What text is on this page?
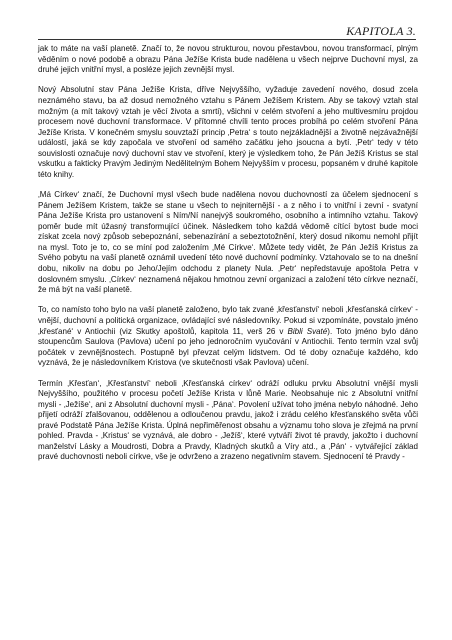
KAPITOLA 3.

jak to máte na vaší planetě. Značí to, že novou strukturou, novou přestavbou, novou transformací, plným věděním o nové podobě a obrazu Pána Ježíše Krista bude nadělena u všech nejprve Duchovní mysl, za druhé jejich vnitřní mysl, a posléze jejich zevnější mysl.

Nový Absolutní stav Pána Ježíše Krista, dříve Nejvyššího, vyžaduje zavedení nového, dosud zcela neznámého stavu, ba až dosud nemožného vztahu s Pánem Ježíšem Kristem. Aby se takový vztah stal možným (a mít takový vztah je věcí života a smrti), všichni v celém stvoření a jeho multivesmíru projdou procesem nové duchovní transformace. V přítomné chvíli tento proces probíhá po celém stvoření Pána Ježíše Krista. V konečném smyslu souvztaží princip ‚Petra‘ s touto nejzákladnější a životně nejzávažnější událostí, jaká se kdy započala ve stvoření od samého začátku jeho jsoucna a bytí. ‚Petr‘ tedy v této souvislosti označuje nový duchovní stav ve stvoření, který je výsledkem toho, že Pán Ježíš Kristus se stal vskutku a fakticky Pravým Jediným Nedělitelným Bohem Nejvyšším v procesu, popsaném v druhé kapitole této knihy.

‚Má Církev‘ značí, že Duchovní mysl všech bude nadělena novou duchovností za účelem sjednocení s Pánem Ježíšem Kristem, takže se stane u všech to nejniternější - a z něho i to vnitřní i zevní - svatyní Pána Ježíše Krista pro ustanovení s Ním/Ní nanejvýš soukromého, osobního a intimního vztahu. Takový poměr bude mít úžasný transformující účinek. Následkem toho každá vědomě cítící bytost bude moci získat zcela nový způsob sebepoznání, sebenazírání a sebeztotožnění, který dosud nikomu nemohl přijít na mysl. Toto je to, co se míní pod založením ‚Mé Církve‘. Můžete tedy vidět, že Pán Ježíš Kristus za Svého pobytu na vaší planetě oznámil uvedení této nové duchovní podmínky. Vztahovalo se to na dnešní dobu, nikoliv na dobu po Jeho/Jejím odchodu z planety Nula. ‚Petr‘ nepředstavuje apoštola Petra v doslovném smyslu. ‚Církev‘ neznamená nějakou hmotnou zevní organizaci a založení této církve neznačí, že má být na vaší planetě.

To, co namísto toho bylo na vaší planetě založeno, bylo tak zvané ‚křesťanství‘ neboli ‚křesťanská církev‘ - vnější, duchovní a politická organizace, ovládající své následovníky. Pokud si vzpomínáte, povstalo jméno ‚křesťané‘ v Antiochii (viz Skutky apoštolů, kapitola 11, verš 26 v Bibli Svaté). Toto jméno bylo dáno stoupencům Saulova (Pavlova) učení po jeho jednoročním vyučování v Antiochii. Tento termín vzal svůj počátek v zevnějšnostech. Postupně byl převzat celým lidstvem. Od té doby označuje každého, kdo vyznává, že je následovníkem Kristova (ve skutečnosti však Pavlova) učení.

Termín ‚Křesťan‘, ‚Křesťanství‘ neboli ‚Křesťanská církev‘ odráží odluku prvku Absolutní vnější mysli Nejvyššího, použitého v procesu početí Ježíše Krista v lůně Marie. Neobsahuje nic z Absolutní vnitřní mysli - ‚Ježíše‘, ani z Absolutní duchovní mysli - ‚Pána‘. Povolení užívat toho jména nebylo náhodné. Jeho přijetí odráží zfalšovanou, oddělenou a odloučenou pravdu, jakož i zrádu celého křesťanského světa vůči pravé Podstatě Pána Ježíše Krista. Úplná nepřiměřenost obsahu a významu toho slova je zřejmá na první pohled. Pravda - ‚Kristus‘ se vyznává, ale dobro - ‚Ježíš‘, které vytváří život té pravdy, jakožto i duchovní manželství Lásky a Moudrosti, Dobra a Pravdy, Kladných skutků a Víry atd., a ‚Pán‘ - vytvářející základ pravé duchovnosti neboli církve, vše je odvrženo a zrazeno negativním stavem. Sjednocení té Pravdy -
